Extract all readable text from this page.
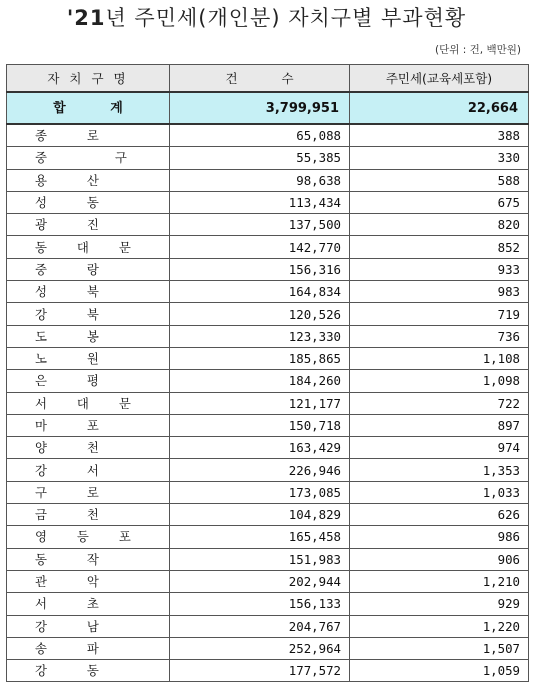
'21년 주민세(개인분) 자치구별 부과현황
(단위 : 건, 백만원)
자 치 구 명	건 수	주민세(교육세포함)
합 계	3,799,951	22,664
종 로	65,088	388
중 구	55,385	330
용 산	98,638	588
성 동	113,434	675
광 진	137,500	820
동 대 문	142,770	852
중 랑	156,316	933
성 북	164,834	983
강 북	120,526	719
도 봉	123,330	736
노 원	185,865	1,108
은 평	184,260	1,098
서 대 문	121,177	722
마 포	150,718	897
양 천	163,429	974
강 서	226,946	1,353
구 로	173,085	1,033
금 천	104,829	626
영 등 포	165,458	986
동 작	151,983	906
관 악	202,944	1,210
서 초	156,133	929
강 남	204,767	1,220
송 파	252,964	1,507
강 동	177,572	1,059
